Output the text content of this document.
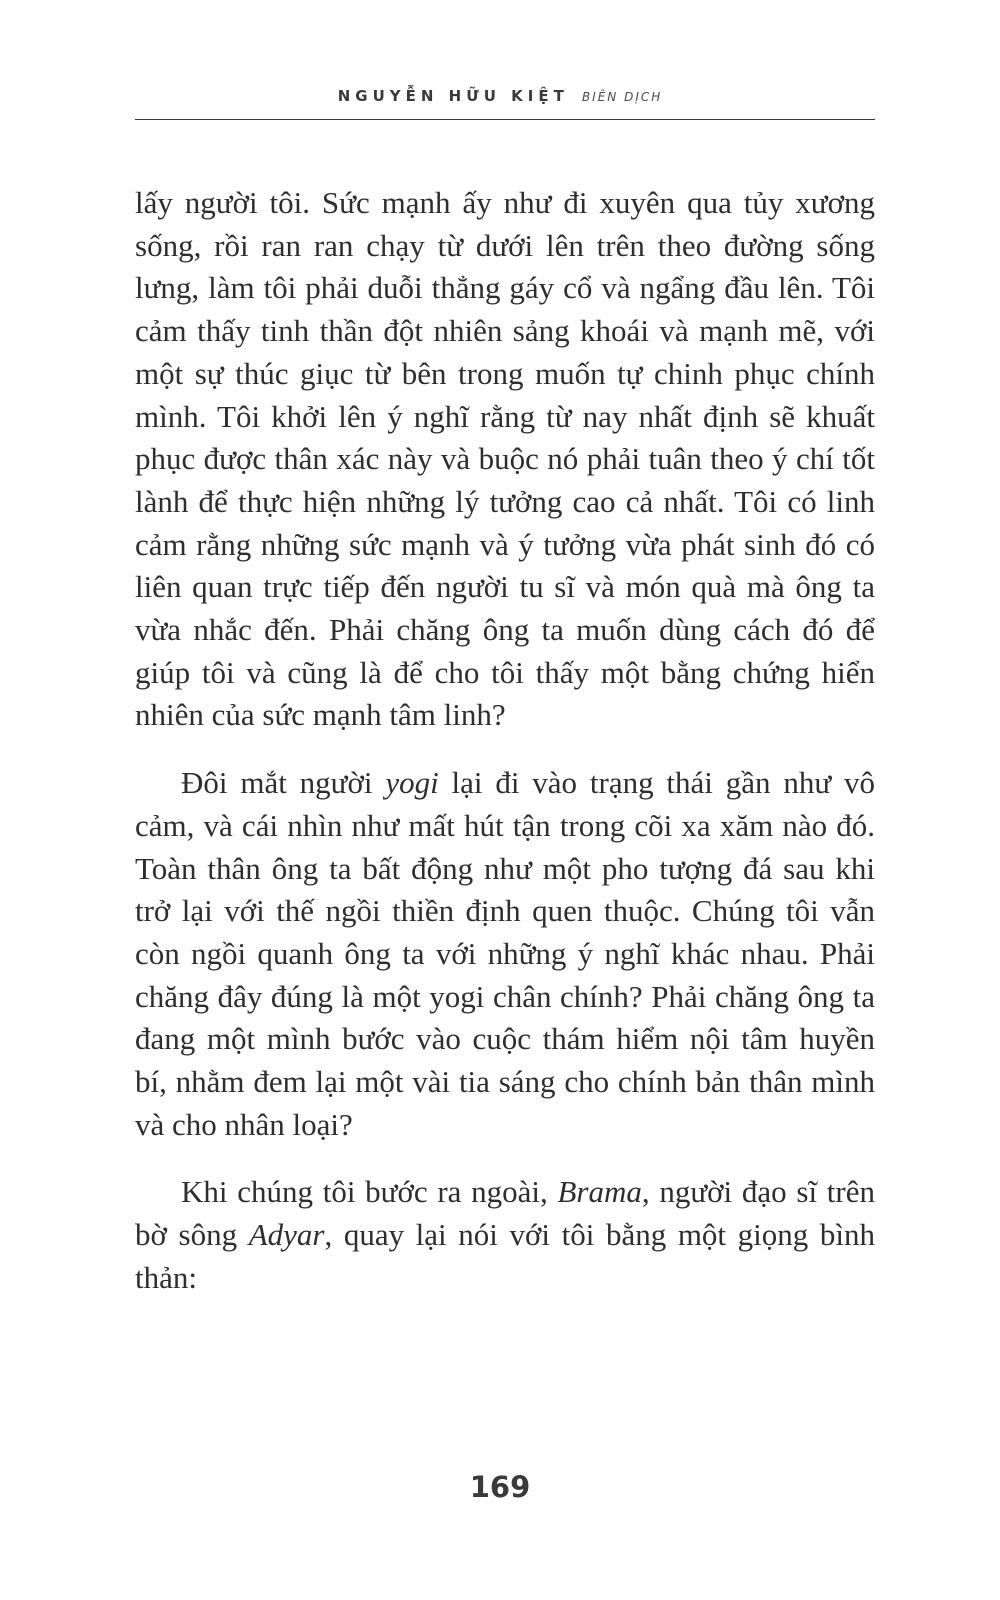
NGUYỄN HỮU KIỆT BIÊN DỊCH

lấy người tôi. Sức mạnh ấy như đi xuyên qua tủy xương sống, rồi ran ran chạy từ dưới lên trên theo đường sống lưng, làm tôi phải duỗi thẳng gáy cổ và ngẩng đầu lên. Tôi cảm thấy tinh thần đột nhiên sảng khoái và mạnh mẽ, với một sự thúc giục từ bên trong muốn tự chinh phục chính mình. Tôi khởi lên ý nghĩ rằng từ nay nhất định sẽ khuất phục được thân xác này và buộc nó phải tuân theo ý chí tốt lành để thực hiện những lý tưởng cao cả nhất. Tôi có linh cảm rằng những sức mạnh và ý tưởng vừa phát sinh đó có liên quan trực tiếp đến người tu sĩ và món quà mà ông ta vừa nhắc đến. Phải chăng ông ta muốn dùng cách đó để giúp tôi và cũng là để cho tôi thấy một bằng chứng hiển nhiên của sức mạnh tâm linh?

Đôi mắt người yogi lại đi vào trạng thái gần như vô cảm, và cái nhìn như mất hút tận trong cõi xa xăm nào đó. Toàn thân ông ta bất động như một pho tượng đá sau khi trở lại với thế ngồi thiền định quen thuộc. Chúng tôi vẫn còn ngồi quanh ông ta với những ý nghĩ khác nhau. Phải chăng đây đúng là một yogi chân chính? Phải chăng ông ta đang một mình bước vào cuộc thám hiểm nội tâm huyền bí, nhằm đem lại một vài tia sáng cho chính bản thân mình và cho nhân loại?

Khi chúng tôi bước ra ngoài, Brama, người đạo sĩ trên bờ sông Adyar, quay lại nói với tôi bằng một giọng bình thản:

169
